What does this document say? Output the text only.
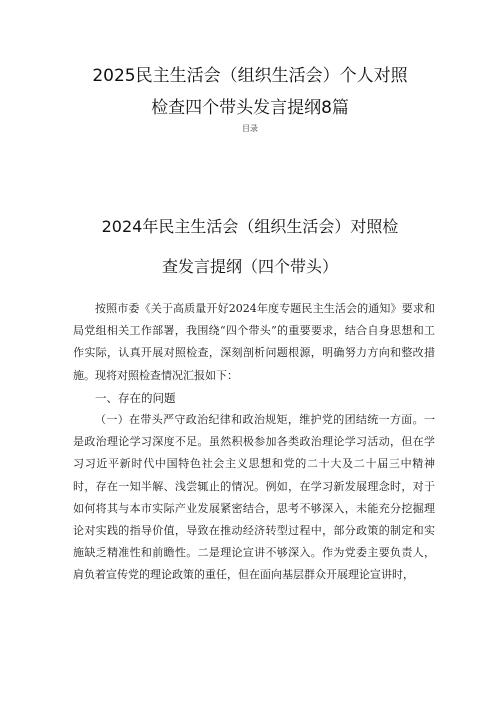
2025民主生活会（组织生活会）个人对照
检查四个带头发言提纲8篇
目录
2024年民主生活会（组织生活会）对照检
查发言提纲（四个带头）

按照市委《关于高质量开好2024年度专题民主生活会的通知》要求和局党组相关工作部署，我围绕“四个带头”的重要要求，结合自身思想和工作实际，认真开展对照检查，深刻剖析问题根源，明确努力方向和整改措施。现将对照检查情况汇报如下：

一、存在的问题

（一）在带头严守政治纪律和政治规矩，维护党的团结统一方面。一是政治理论学习深度不足。虽然积极参加各类政治理论学习活动，但在学习习近平新时代中国特色社会主义思想和党的二十大及二十届三中精神时，存在一知半解、浅尝辄止的情况。例如，在学习新发展理念时，对于如何将其与本市实际产业发展紧密结合，思考不够深入，未能充分挖掘理论对实践的指导价值，导致在推动经济转型过程中，部分政策的制定和实施缺乏精准性和前瞻性。二是理论宣讲不够深入。作为党委主要负责人，肩负着宣传党的理论政策的重任，但在面向基层群众开展理论宣讲时，
